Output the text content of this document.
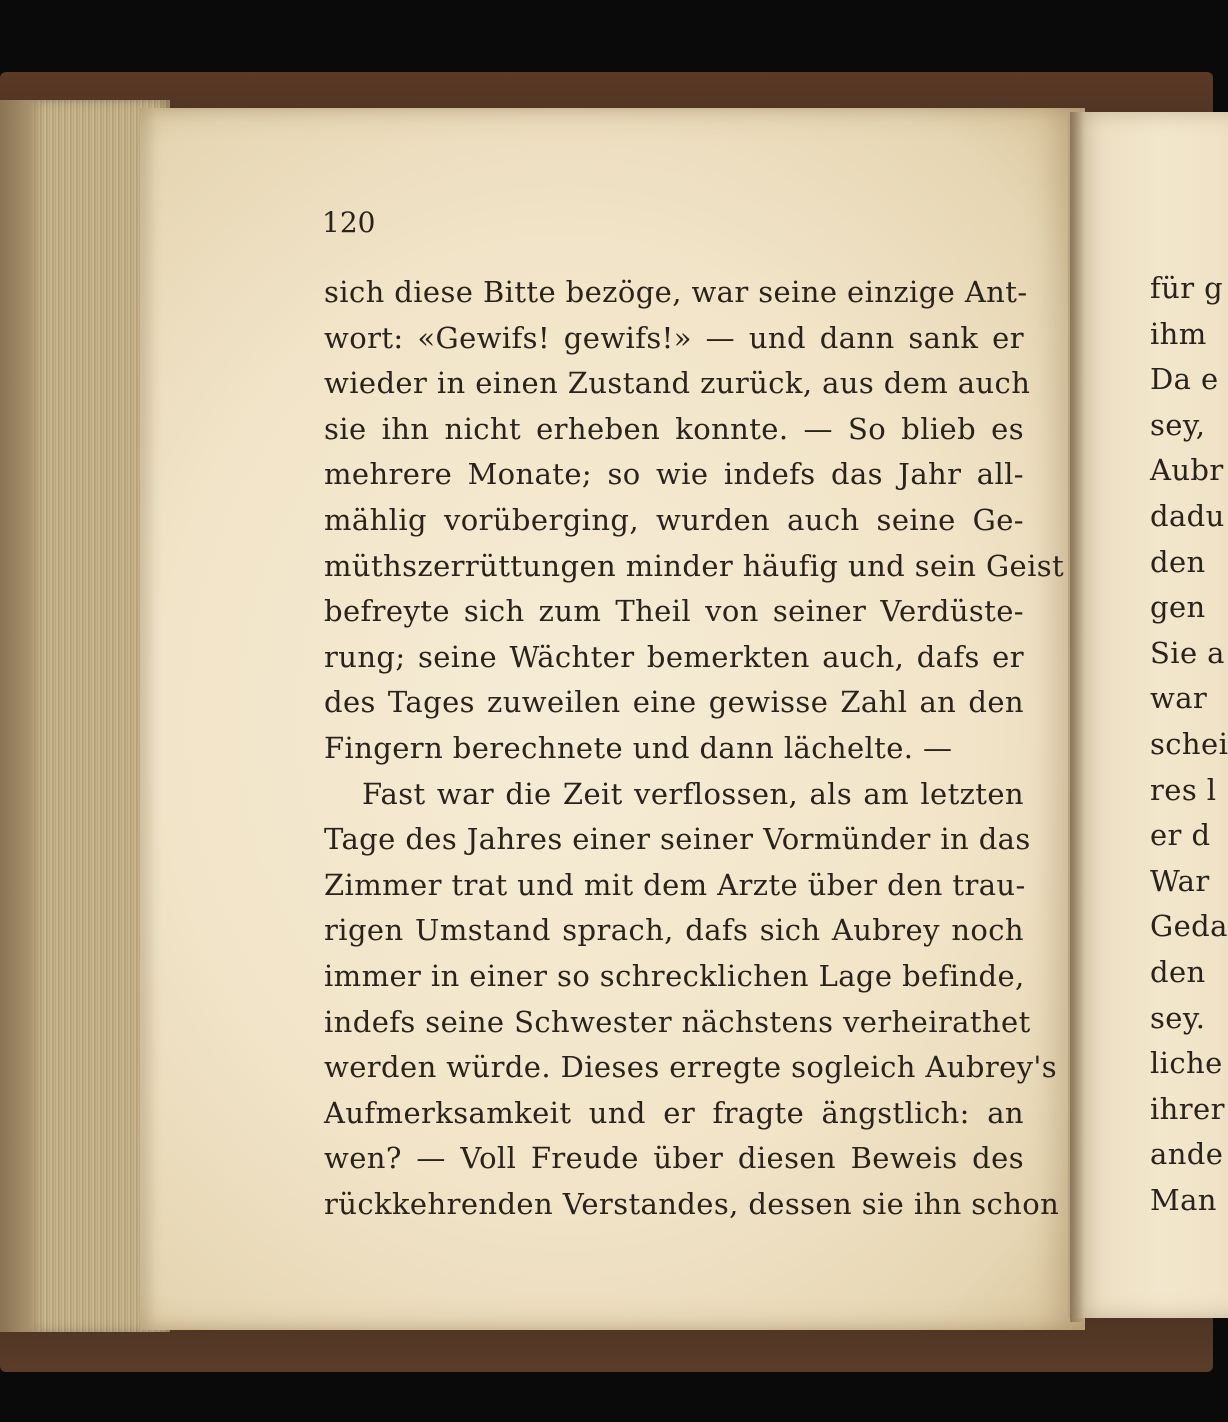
120
sich diese Bitte bezöge, war seine einzige Ant-
wort: «Gewifs! gewifs!» — und dann sank er
wieder in einen Zustand zurück, aus dem auch
sie ihn nicht erheben konnte. — So blieb es
mehrere Monate; so wie indefs das Jahr all-
mählig vorüberging, wurden auch seine Ge-
müthszerrüttungen minder häufig und sein Geist
befreyte sich zum Theil von seiner Verdüste-
rung; seine Wächter bemerkten auch, dafs er
des Tages zuweilen eine gewisse Zahl an den
Fingern berechnete und dann lächelte. —
Fast war die Zeit verflossen, als am letzten
Tage des Jahres einer seiner Vormünder in das
Zimmer trat und mit dem Arzte über den trau-
rigen Umstand sprach, dafs sich Aubrey noch
immer in einer so schrecklichen Lage befinde,
indefs seine Schwester nächstens verheirathet
werden würde. Dieses erregte sogleich Aubrey's
Aufmerksamkeit und er fragte ängstlich: an
wen? — Voll Freude über diesen Beweis des
rückkehrenden Verstandes, dessen sie ihn schon
für g
ihm
Da e
sey,
Aubr
dadu
den
gen
Sie a
war
schei
res l
er d
War
Geda
den
sey.
liche
ihrer
ande
Man
